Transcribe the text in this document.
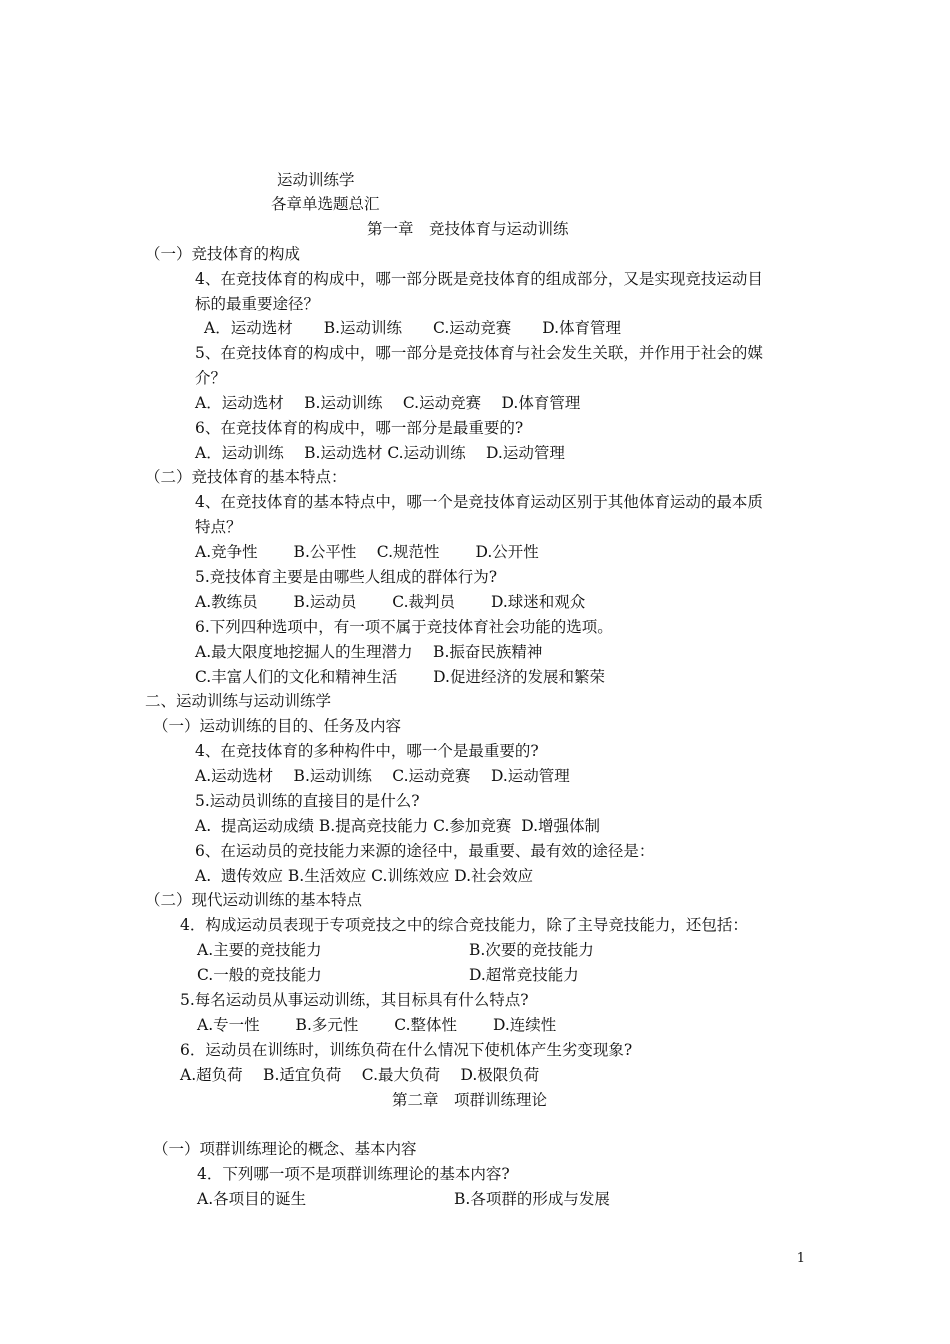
运动训练学
各章单选题总汇
第一章　竞技体育与运动训练
（一）竞技体育的构成
4、在竞技体育的构成中，哪一部分既是竞技体育的组成部分，又是实现竞技运动目
标的最重要途径？
A．运动选材　　B.运动训练　　C.运动竞赛　　D.体育管理
5、在竞技体育的构成中，哪一部分是竞技体育与社会发生关联，并作用于社会的媒
介？
A．运动选材　 B.运动训练　 C.运动竞赛　 D.体育管理
6、在竞技体育的构成中，哪一部分是最重要的?
A．运动训练　 B.运动选材 C.运动训练　 D.运动管理
（二）竞技体育的基本特点：
4、在竞技体育的基本特点中，哪一个是竞技体育运动区别于其他体育运动的最本质
特点？
A.竞争性　　 B.公平性　 C.规范性　　 D.公开性
5.竞技体育主要是由哪些人组成的群体行为?
A.教练员　　 B.运动员　　 C.裁判员　　 D.球迷和观众
6.下列四种选项中，有一项不属于竞技体育社会功能的选项。
A.最大限度地挖掘人的生理潜力　 B.振奋民族精神
C.丰富人们的文化和精神生活　　 D.促进经济的发展和繁荣
二、运动训练与运动训练学
（一）运动训练的目的、任务及内容
4、在竞技体育的多种构件中，哪一个是最重要的?
A.运动选材　 B.运动训练　 C.运动竞赛　 D.运动管理
5.运动员训练的直接目的是什么?
A.  提高运动成绩 B.提高竞技能力 C.参加竞赛  D.增强体制
6、在运动员的竞技能力来源的途径中，最重要、最有效的途径是：
A.  遗传效应 B.生活效应 C.训练效应 D.社会效应
（二）现代运动训练的基本特点
4．构成运动员表现于专项竞技之中的综合竞技能力，除了主导竞技能力，还包括：
A.主要的竞技能力	B.次要的竞技能力
C.一般的竞技能力	D.超常竞技能力
5.每名运动员从事运动训练，其目标具有什么特点?
A.专一性　　 B.多元性　　 C.整体性　　 D.连续性
6．运动员在训练时，训练负荷在什么情况下使机体产生劣变现象?
A.超负荷　 B.适宜负荷　 C.最大负荷　 D.极限负荷
第二章　项群训练理论
（一）项群训练理论的概念、基本内容
4．下列哪一项不是项群训练理论的基本内容?
A.各项目的诞生	B.各项群的形成与发展
1
